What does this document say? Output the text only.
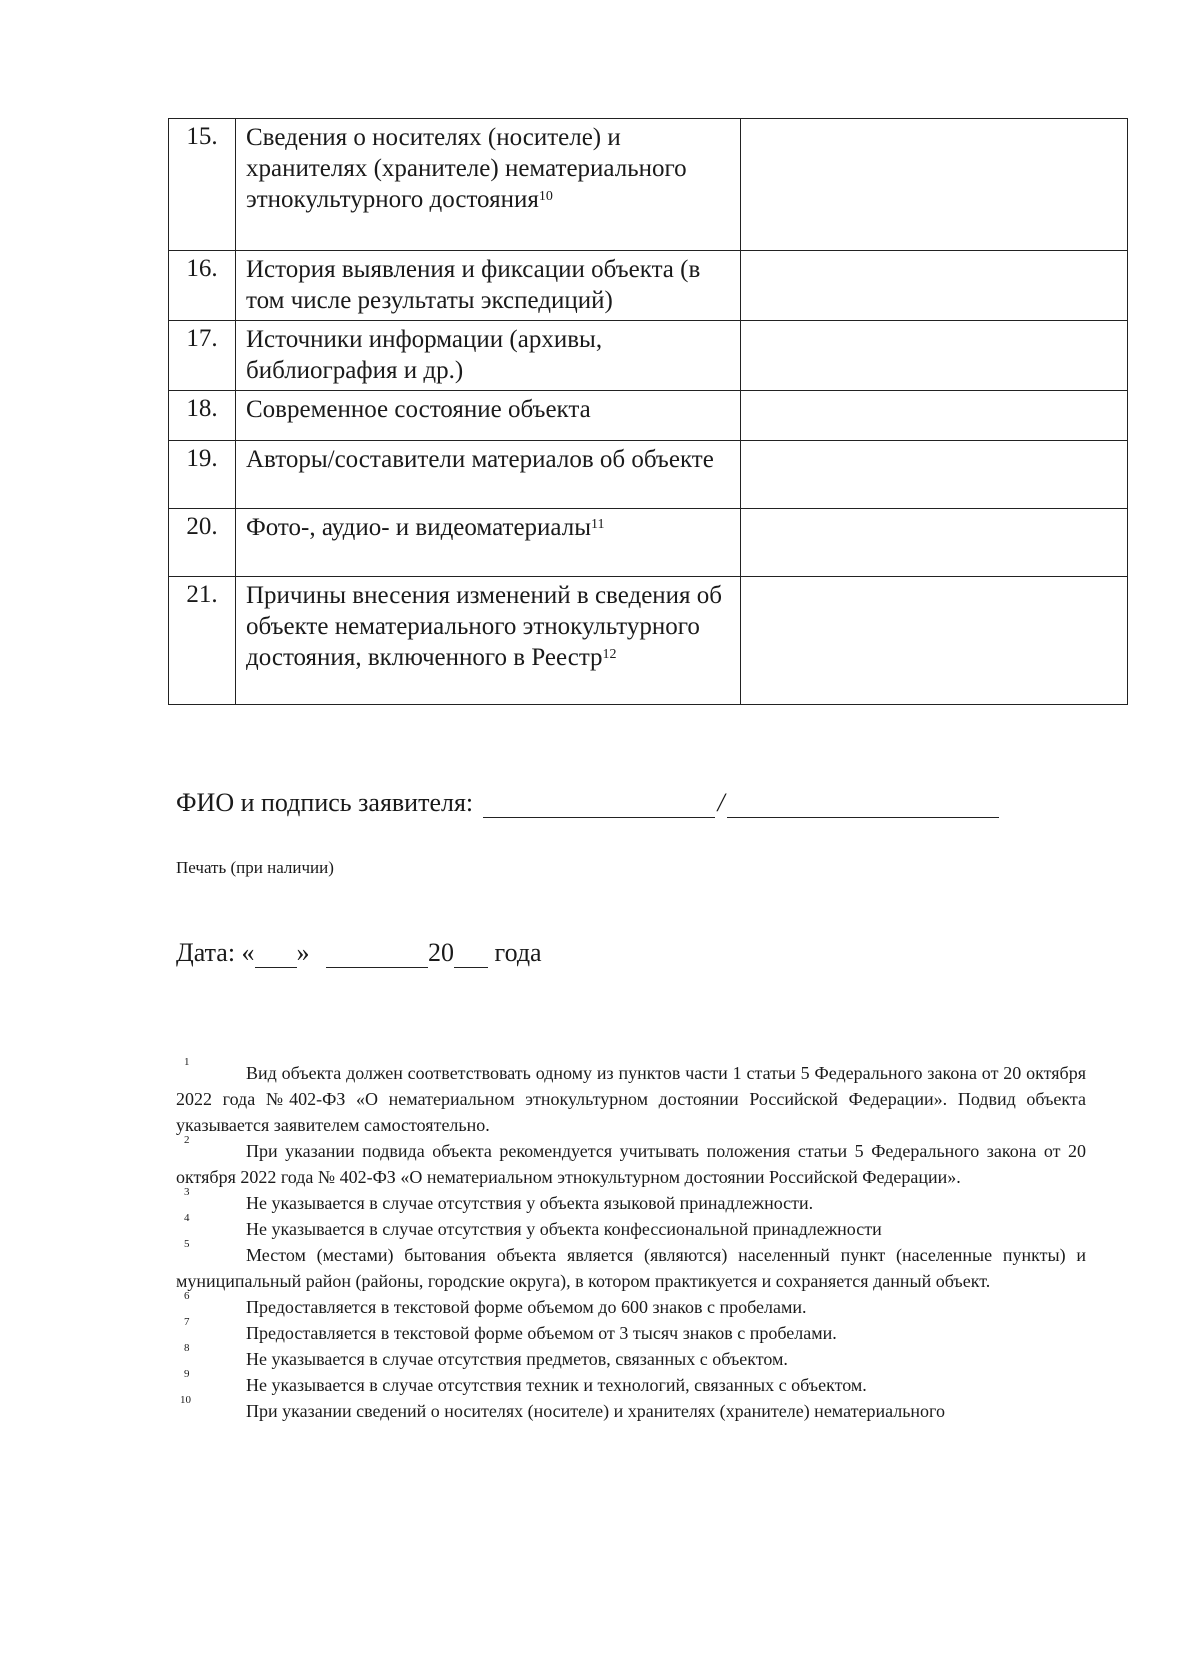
15.	Сведения о носителях (носителе) и хранителях (хранителе) нематериального этнокультурного достояния$^{10}$	
16.	История выявления и фиксации объекта (в том числе результаты экспедиций)	
17.	Источники информации (архивы, библиография и др.)	
18.	Современное состояние объекта	
19.	Авторы/составители материалов об объекте	
20.	Фото-, аудио- и видеоматериалы$^{11}$	
21.	Причины внесения изменений в сведения об объекте нематериального этнокультурного достояния, включенного в Реестр$^{12}$	
ФИО и подпись заявителя:	/
Печать (при наличии)
Дата: « »	20 года
1
Вид объекта должен соответствовать одному из пунктов части 1 статьи 5 Федерального закона от 20 октября 2022 года №402-ФЗ «О нематериальном этнокультурном достоянии Российской Федерации». Подвид объекта указывается заявителем самостоятельно.
2
При указании подвида объекта рекомендуется учитывать положения статьи 5 Федерального закона от 20 октября 2022 года № 402-ФЗ «О нематериальном этнокультурном достоянии Российской Федерации».
3
Не указывается в случае отсутствия у объекта языковой принадлежности.
4
Не указывается в случае отсутствия у объекта конфессиональной принадлежности
5
Местом (местами) бытования объекта является (являются) населенный пункт (населенные пункты) и муниципальный район (районы, городские округа), в котором практикуется и сохраняется данный объект.
6
Предоставляется в текстовой форме объемом до 600 знаков с пробелами.
7
Предоставляется в текстовой форме объемом от 3 тысяч знаков с пробелами.
8
Не указывается в случае отсутствия предметов, связанных с объектом.
9
Не указывается в случае отсутствия техник и технологий, связанных с объектом.
10
При указании сведений о носителях (носителе) и хранителях (хранителе) нематериального
